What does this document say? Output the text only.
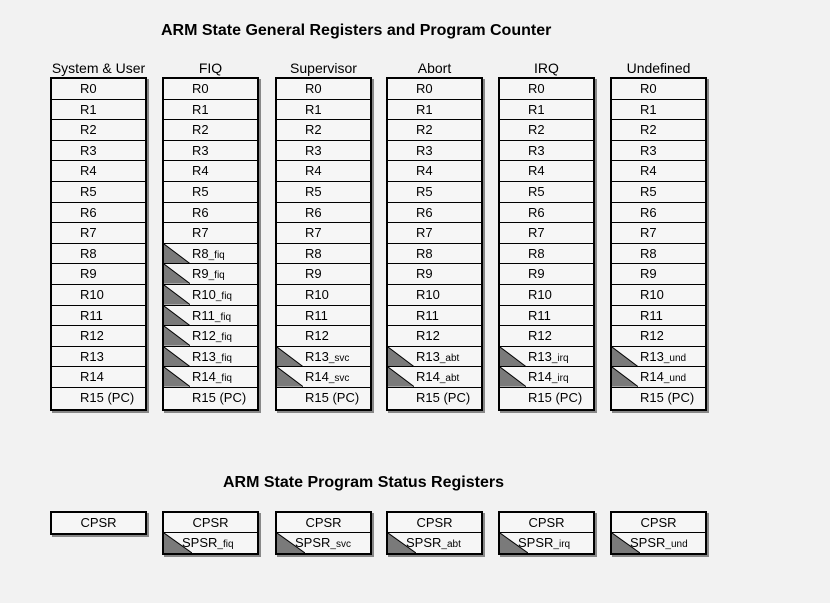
ARM State General Registers and Program Counter
ARM State Program Status Registers
System & User
R0
R1
R2
R3
R4
R5
R6
R7
R8
R9
R10
R11
R12
R13
R14
R15 (PC)
FIQ
R0
R1
R2
R3
R4
R5
R6
R7
R8_fiq
R9_fiq
R10_fiq
R11_fiq
R12_fiq
R13_fiq
R14_fiq
R15 (PC)
Supervisor
R0
R1
R2
R3
R4
R5
R6
R7
R8
R9
R10
R11
R12
R13_svc
R14_svc
R15 (PC)
Abort
R0
R1
R2
R3
R4
R5
R6
R7
R8
R9
R10
R11
R12
R13_abt
R14_abt
R15 (PC)
IRQ
R0
R1
R2
R3
R4
R5
R6
R7
R8
R9
R10
R11
R12
R13_irq
R14_irq
R15 (PC)
Undefined
R0
R1
R2
R3
R4
R5
R6
R7
R8
R9
R10
R11
R12
R13_und
R14_und
R15 (PC)
CPSR	CPSR
SPSR_fiq
CPSR
SPSR_svc
CPSR
SPSR_abt
CPSR
SPSR_irq
CPSR
SPSR_und
